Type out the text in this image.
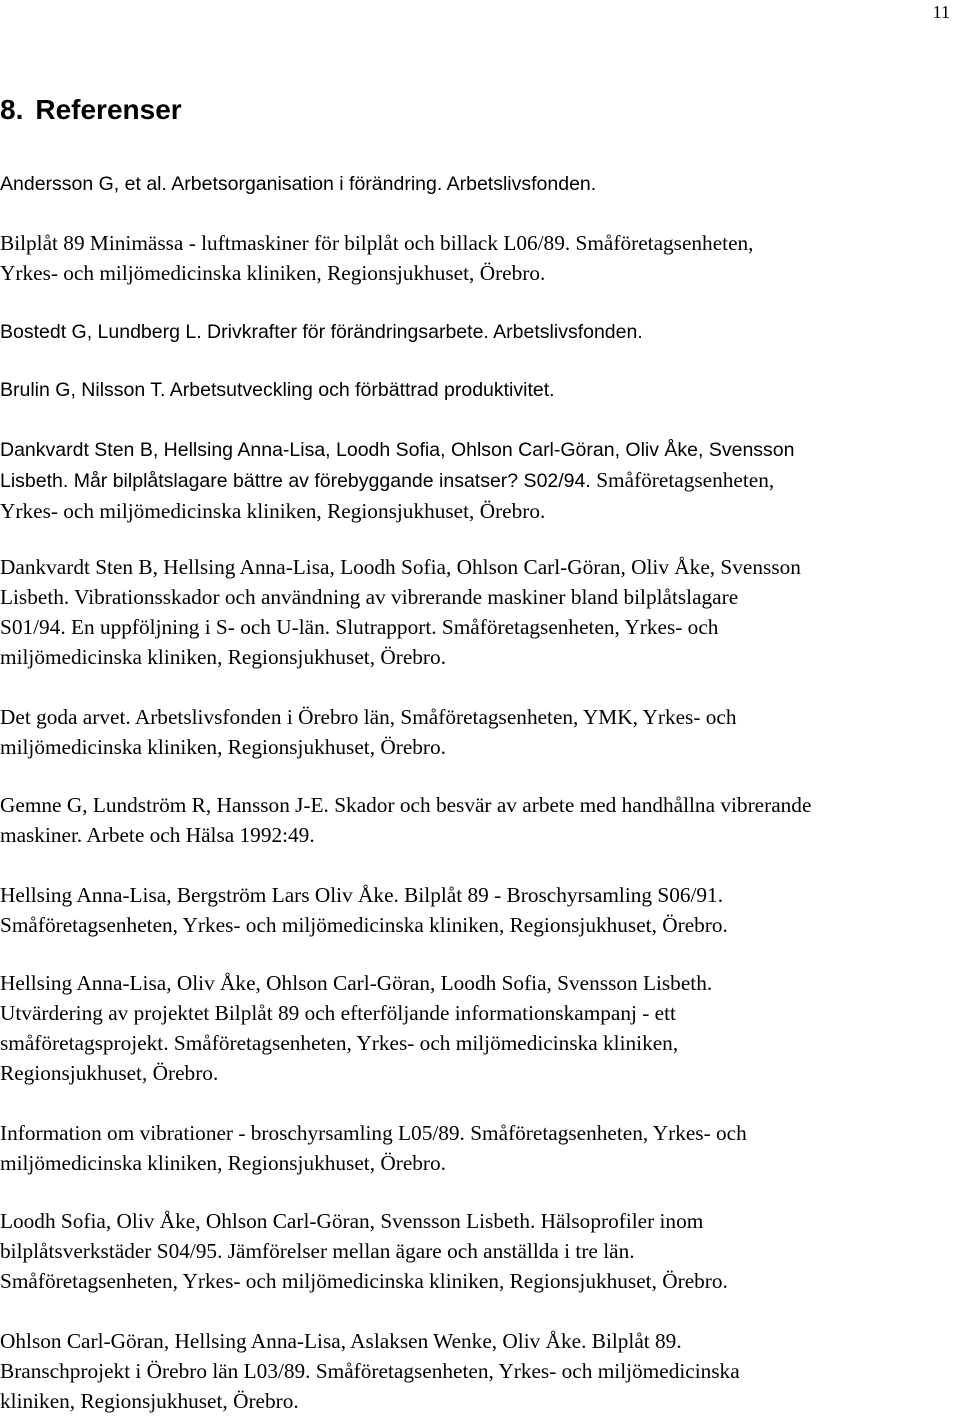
11
8. Referenser

Andersson G, et al. Arbetsorganisation i förändring. Arbetslivsfonden.

Bilplåt 89 Minimässa - luftmaskiner för bilplåt och billack L06/89. Småföretagsenheten,
Yrkes- och miljömedicinska kliniken, Regionsjukhuset, Örebro.

Bostedt G, Lundberg L. Drivkrafter för förändringsarbete. Arbetslivsfonden.

Brulin G, Nilsson T. Arbetsutveckling och förbättrad produktivitet.

Dankvardt Sten B, Hellsing Anna-Lisa, Loodh Sofia, Ohlson Carl-Göran, Oliv Åke, Svensson
Lisbeth. Mår bilplåtslagare bättre av förebyggande insatser? S02/94. Småföretagsenheten,
Yrkes- och miljömedicinska kliniken, Regionsjukhuset, Örebro.

Dankvardt Sten B, Hellsing Anna-Lisa, Loodh Sofia, Ohlson Carl-Göran, Oliv Åke, Svensson
Lisbeth. Vibrationsskador och användning av vibrerande maskiner bland bilplåtslagare
S01/94. En uppföljning i S- och U-län. Slutrapport. Småföretagsenheten, Yrkes- och
miljömedicinska kliniken, Regionsjukhuset, Örebro.

Det goda arvet. Arbetslivsfonden i Örebro län, Småföretagsenheten, YMK, Yrkes- och
miljömedicinska kliniken, Regionsjukhuset, Örebro.

Gemne G, Lundström R, Hansson J-E. Skador och besvär av arbete med handhållna vibrerande
maskiner. Arbete och Hälsa 1992:49.

Hellsing Anna-Lisa, Bergström Lars Oliv Åke. Bilplåt 89 - Broschyrsamling S06/91.
Småföretagsenheten, Yrkes- och miljömedicinska kliniken, Regionsjukhuset, Örebro.

Hellsing Anna-Lisa, Oliv Åke, Ohlson Carl-Göran, Loodh Sofia, Svensson Lisbeth.
Utvärdering av projektet Bilplåt 89 och efterföljande informationskampanj - ett
småföretagsprojekt. Småföretagsenheten, Yrkes- och miljömedicinska kliniken,
Regionsjukhuset, Örebro.

Information om vibrationer - broschyrsamling L05/89. Småföretagsenheten, Yrkes- och
miljömedicinska kliniken, Regionsjukhuset, Örebro.

Loodh Sofia, Oliv Åke, Ohlson Carl-Göran, Svensson Lisbeth. Hälsoprofiler inom
bilplåtsverkstäder S04/95. Jämförelser mellan ägare och anställda i tre län.
Småföretagsenheten, Yrkes- och miljömedicinska kliniken, Regionsjukhuset, Örebro.

Ohlson Carl-Göran, Hellsing Anna-Lisa, Aslaksen Wenke, Oliv Åke. Bilplåt 89.
Branschprojekt i Örebro län L03/89. Småföretagsenheten, Yrkes- och miljömedicinska
kliniken, Regionsjukhuset, Örebro.
